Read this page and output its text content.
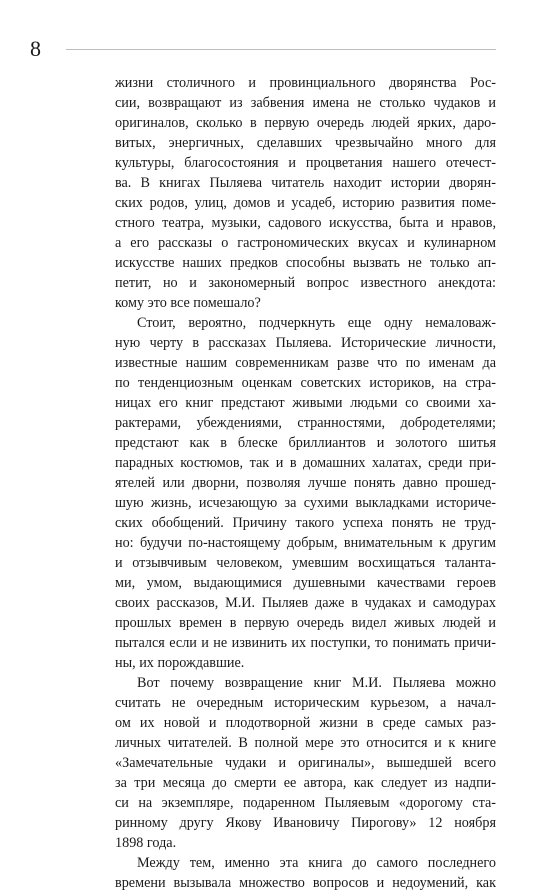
8
жизни столичного и провинциального дворянства Рос-
сии, возвращают из забвения имена не столько чудаков и
оригиналов, сколько в первую очередь людей ярких, даро-
витых, энергичных, сделавших чрезвычайно много для
культуры, благосостояния и процветания нашего отечест-
ва. В книгах Пыляева читатель находит истории дворян-
ских родов, улиц, домов и усадеб, историю развития поме-
стного театра, музыки, садового искусства, быта и нравов,
а его рассказы о гастрономических вкусах и кулинарном
искусстве наших предков способны вызвать не только ап-
петит, но и закономерный вопрос известного анекдота:
кому это все помешало?
Стоит, вероятно, подчеркнуть еще одну немаловаж-
ную черту в рассказах Пыляева. Исторические личности,
известные нашим современникам разве что по именам да
по тенденциозным оценкам советских историков, на стра-
ницах его книг предстают живыми людьми со своими ха-
рактерами, убеждениями, странностями, добродетелями;
предстают как в блеске бриллиантов и золотого шитья
парадных костюмов, так и в домашних халатах, среди при-
ятелей или дворни, позволяя лучше понять давно прошед-
шую жизнь, исчезающую за сухими выкладками историче-
ских обобщений. Причину такого успеха понять не труд-
но: будучи по-настоящему добрым, внимательным к другим
и отзывчивым человеком, умевшим восхищаться таланта-
ми, умом, выдающимися душевными качествами героев
своих рассказов, М.И. Пыляев даже в чудаках и самодурах
прошлых времен в первую очередь видел живых людей и
пытался если и не извинить их поступки, то понимать причи-
ны, их порождавшие.
Вот почему возвращение книг М.И. Пыляева можно
считать не очередным историческим курьезом, а начал-
ом их новой и плодотворной жизни в среде самых раз-
личных читателей. В полной мере это относится и к книге
«Замечательные чудаки и оригиналы», вышедшей всего
за три месяца до смерти ее автора, как следует из надпи-
си на экземпляре, подаренном Пыляевым «дорогому ста-
ринному другу Якову Ивановичу Пирогову» 12 ноября
1898 года.
Между тем, именно эта книга до самого последнего
времени вызывала множество вопросов и недоумений, как
